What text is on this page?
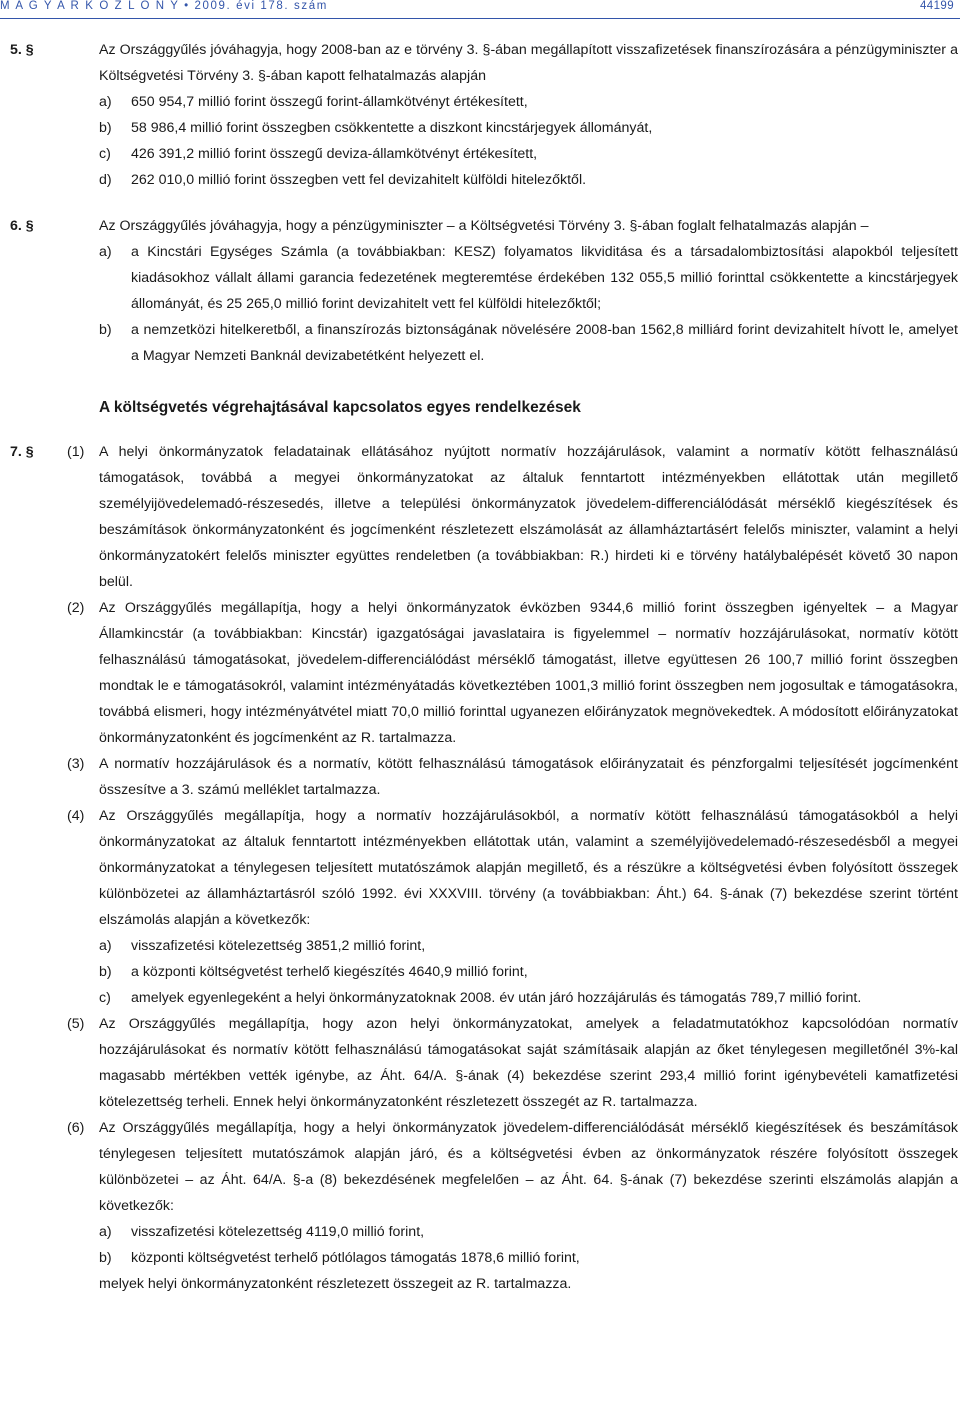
M A G Y A R K Ö Z L Ö N Y • 2009. évi 178. szám	44199
5. §	Az Országgyűlés jóváhagyja, hogy 2008-ban az e törvény 3. §-ában megállapított visszafizetések finanszírozására a pénzügyminiszter a Költségvetési Törvény 3. §-ában kapott felhatalmazás alapján
a) 650 954,7 millió forint összegű forint-államkötvényt értékesített,
b) 58 986,4 millió forint összegben csökkentette a diszkont kincstárjegyek állományát,
c) 426 391,2 millió forint összegű deviza-államkötvényt értékesített,
d) 262 010,0 millió forint összegben vett fel devizahitelt külföldi hitelezőktől.
6. §	Az Országgyűlés jóváhagyja, hogy a pénzügyminiszter – a Költségvetési Törvény 3. §-ában foglalt felhatalmazás alapján –
a) a Kincstári Egységes Számla (a továbbiakban: KESZ) folyamatos likviditása és a társadalombiztosítási alapokból teljesített kiadásokhoz vállalt állami garancia fedezetének megteremtése érdekében 132 055,5 millió forinttal csökkentette a kincstárjegyek állományát, és 25 265,0 millió forint devizahitelt vett fel külföldi hitelezőktől;
b) a nemzetközi hitelkeretből, a finanszírozás biztonságának növelésére 2008-ban 1562,8 milliárd forint devizahitelt hívott le, amelyet a Magyar Nemzeti Banknál devizabetétként helyezett el.
A költségvetés végrehajtásával kapcsolatos egyes rendelkezések
7. § (1) A helyi önkormányzatok feladatainak ellátásához nyújtott normatív hozzájárulások, valamint a normatív kötött felhasználású támogatások, továbbá a megyei önkormányzatokat az általuk fenntartott intézményekben ellátottak után megillető személyijövedelemadó-részesedés, illetve a települési önkormányzatok jövedelem-differenciálódását mérséklő kiegészítések és beszámítások önkormányzatonként és jogcímenként részletezett elszámolását az államháztartásért felelős miniszter, valamint a helyi önkormányzatokért felelős miniszter együttes rendeletben (a továbbiakban: R.) hirdeti ki e törvény hatálybalépését követő 30 napon belül.
(2) Az Országgyűlés megállapítja, hogy a helyi önkormányzatok évközben 9344,6 millió forint összegben igényeltek – a Magyar Államkincstár (a továbbiakban: Kincstár) igazgatóságai javaslataira is figyelemmel – normatív hozzájárulásokat, normatív kötött felhasználású támogatásokat, jövedelem-differenciálódást mérséklő támogatást, illetve együttesen 26 100,7 millió forint összegben mondtak le e támogatásokról, valamint intézményátadás következtében 1001,3 millió forint összegben nem jogosultak e támogatásokra, továbbá elismeri, hogy intézményátvétel miatt 70,0 millió forinttal ugyanezen előirányzatok megnövekedtek. A módosított előirányzatokat önkormányzatonként és jogcímenként az R. tartalmazza.
(3) A normatív hozzájárulások és a normatív, kötött felhasználású támogatások előirányzatait és pénzforgalmi teljesítését jogcímenként összesítve a 3. számú melléklet tartalmazza.
(4) Az Országgyűlés megállapítja, hogy a normatív hozzájárulásokból, a normatív kötött felhasználású támogatásokból a helyi önkormányzatokat az általuk fenntartott intézményekben ellátottak után, valamint a személyijövedelemadó-részesedésből a megyei önkormányzatokat a ténylegesen teljesített mutatószámok alapján megillető, és a részükre a költségvetési évben folyósított összegek különbözetei az államháztartásról szóló 1992. évi XXXVIII. törvény (a továbbiakban: Áht.) 64. §-ának (7) bekezdése szerint történt elszámolás alapján a következők:
a) visszafizetési kötelezettség 3851,2 millió forint,
b) a központi költségvetést terhelő kiegészítés 4640,9 millió forint,
c) amelyek egyenlegeként a helyi önkormányzatoknak 2008. év után járó hozzájárulás és támogatás 789,7 millió forint.
(5) Az Országgyűlés megállapítja, hogy azon helyi önkormányzatokat, amelyek a feladatmutatókhoz kapcsolódóan normatív hozzájárulásokat és normatív kötött felhasználású támogatásokat saját számításaik alapján az őket ténylegesen megilletőnél 3%-kal magasabb mértékben vették igénybe, az Áht. 64/A. §-ának (4) bekezdése szerint 293,4 millió forint igénybevételi kamatfizetési kötelezettség terheli. Ennek helyi önkormányzatonként részletezett összegét az R. tartalmazza.
(6) Az Országgyűlés megállapítja, hogy a helyi önkormányzatok jövedelem-differenciálódását mérséklő kiegészítések és beszámítások ténylegesen teljesített mutatószámok alapján járó, és a költségvetési évben az önkormányzatok részére folyósított összegek különbözetei – az Áht. 64/A. §-a (8) bekezdésének megfelelően – az Áht. 64. §-ának (7) bekezdése szerinti elszámolás alapján a következők:
a) visszafizetési kötelezettség 4119,0 millió forint,
b) központi költségvetést terhelő pótlólagos támogatás 1878,6 millió forint,
melyek helyi önkormányzatonként részletezett összegeit az R. tartalmazza.
